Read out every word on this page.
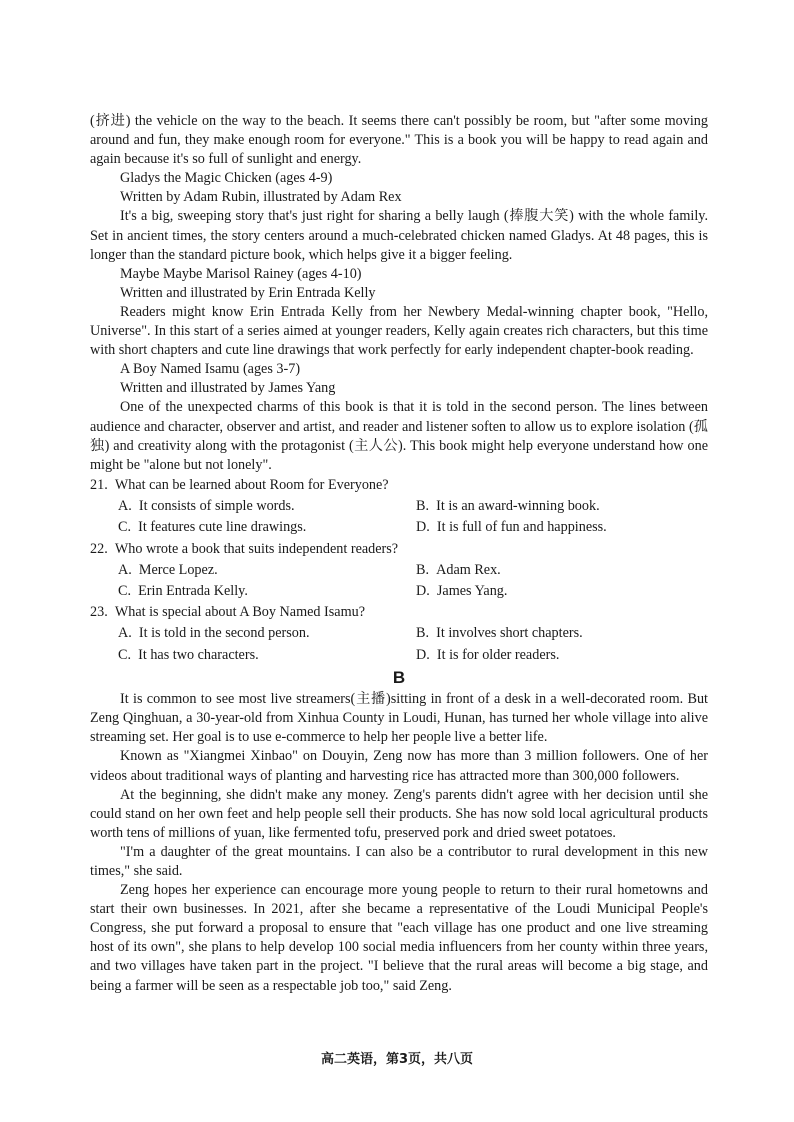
(挤进) the vehicle on the way to the beach. It seems there can't possibly be room, but "after some moving around and fun, they make enough room for everyone." This is a book you will be happy to read again and again because it's so full of sunlight and energy.

Gladys the Magic Chicken (ages 4-9)

Written by Adam Rubin, illustrated by Adam Rex

It's a big, sweeping story that's just right for sharing a belly laugh (捧腹大笑) with the whole family. Set in ancient times, the story centers around a much-celebrated chicken named Gladys. At 48 pages, this is longer than the standard picture book, which helps give it a bigger feeling.

Maybe Maybe Marisol Rainey (ages 4-10)

Written and illustrated by Erin Entrada Kelly

Readers might know Erin Entrada Kelly from her Newbery Medal-winning chapter book, "Hello, Universe". In this start of a series aimed at younger readers, Kelly again creates rich characters, but this time with short chapters and cute line drawings that work perfectly for early independent chapter-book reading.

A Boy Named Isamu (ages 3-7)

Written and illustrated by James Yang

One of the unexpected charms of this book is that it is told in the second person. The lines between audience and character, observer and artist, and reader and listener soften to allow us to explore isolation (孤独) and creativity along with the protagonist (主人公). This book might help everyone understand how one might be "alone but not lonely".

21. What can be learned about Room for Everyone?
A. It consists of simple words.	B. It is an award-winning book.
C. It features cute line drawings.	D. It is full of fun and happiness.
22. Who wrote a book that suits independent readers?
A. Merce Lopez.	B. Adam Rex.
C. Erin Entrada Kelly.	D. James Yang.
23. What is special about A Boy Named Isamu?
A. It is told in the second person.	B. It involves short chapters.
C. It has two characters.	D. It is for older readers.
B

It is common to see most live streamers(主播)sitting in front of a desk in a well-decorated room. But Zeng Qinghuan, a 30-year-old from Xinhua County in Loudi, Hunan, has turned her whole village into alive streaming set. Her goal is to use e-commerce to help her people live a better life.

Known as "Xiangmei Xinbao" on Douyin, Zeng now has more than 3 million followers. One of her videos about traditional ways of planting and harvesting rice has attracted more than 300,000 followers.

At the beginning, she didn't make any money. Zeng's parents didn't agree with her decision until she could stand on her own feet and help people sell their products. She has now sold local agricultural products worth tens of millions of yuan, like fermented tofu, preserved pork and dried sweet potatoes.

"I'm a daughter of the great mountains. I can also be a contributor to rural development in this new times," she said.

Zeng hopes her experience can encourage more young people to return to their rural hometowns and start their own businesses. In 2021, after she became a representative of the Loudi Municipal People's Congress, she put forward a proposal to ensure that "each village has one product and one live streaming host of its own", she plans to help develop 100 social media influencers from her county within three years, and two villages have taken part in the project. "I believe that the rural areas will become a big stage, and being a farmer will be seen as a respectable job too," said Zeng.

高二英语，第3页，共八页
